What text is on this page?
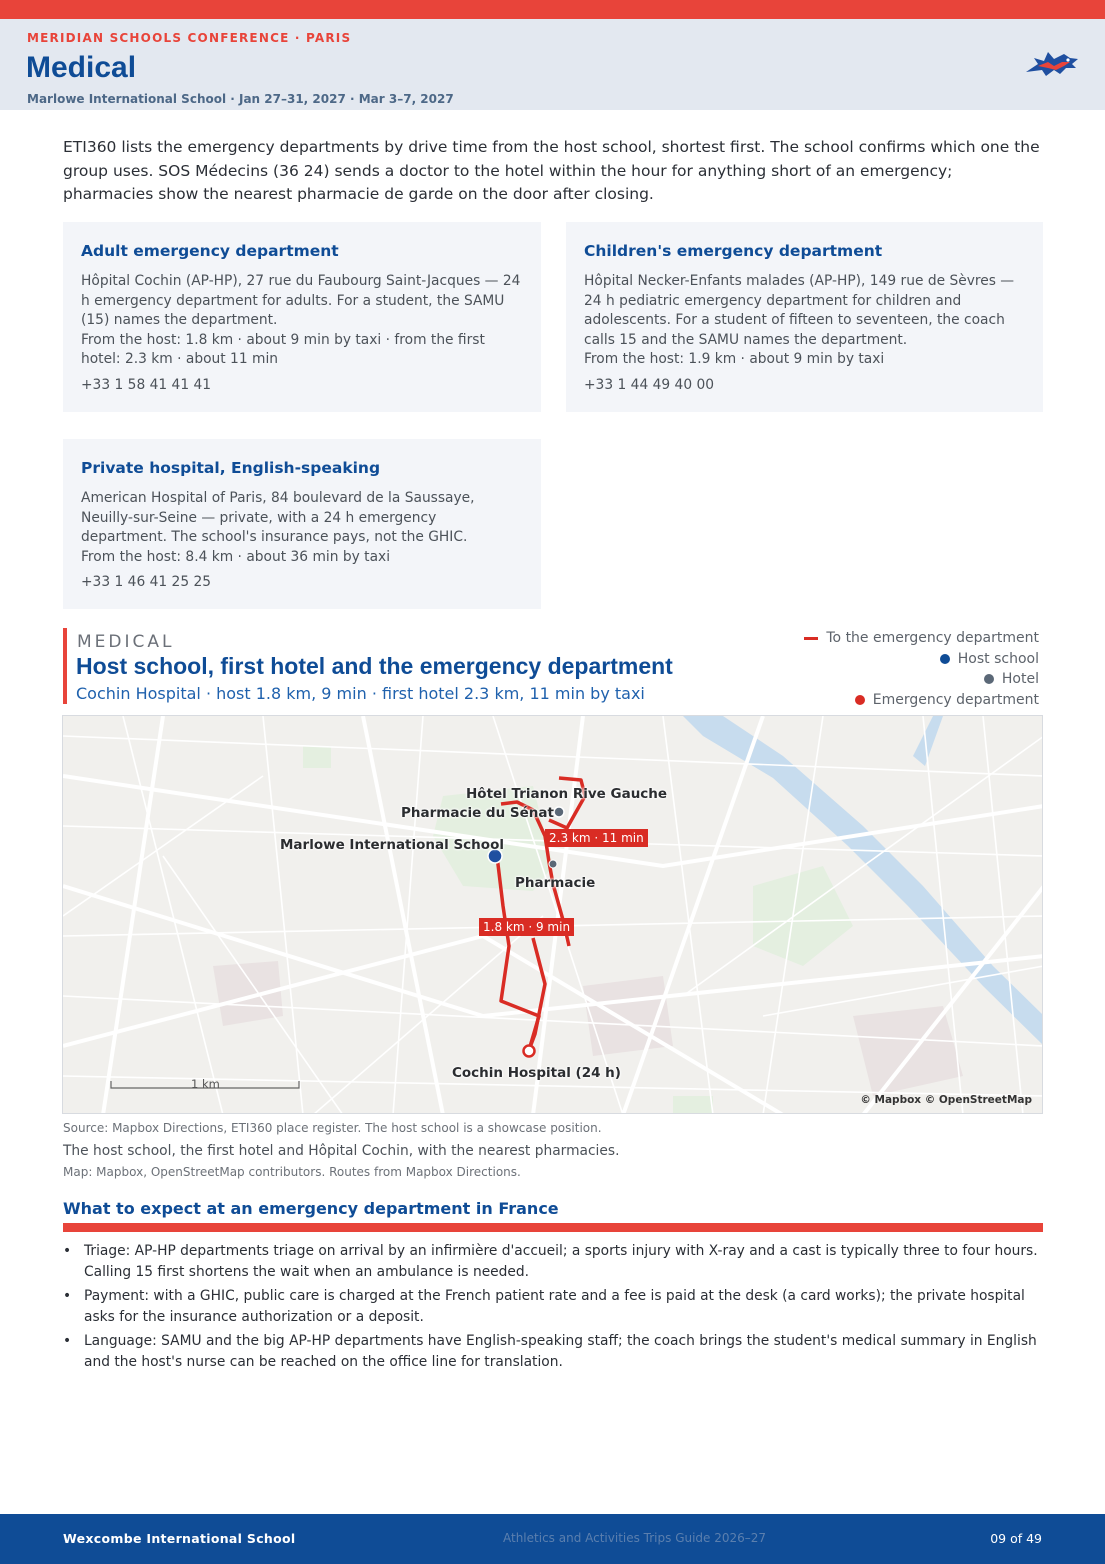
MERIDIAN SCHOOLS CONFERENCE · PARIS
Medical
Marlowe International School · Jan 27–31, 2027 · Mar 3–7, 2027

ETI360 lists the emergency departments by drive time from the host school, shortest first. The school confirms which one the group uses. SOS Médecins (36 24) sends a doctor to the hotel within the hour for anything short of an emergency; pharmacies show the nearest pharmacie de garde on the door after closing.

Adult emergency department

Hôpital Cochin (AP-HP), 27 rue du Faubourg Saint-Jacques — 24 h emergency department for adults. For a student, the SAMU (15) names the department.

From the host: 1.8 km · about 9 min by taxi · from the first hotel: 2.3 km · about 11 min

+33 1 58 41 41 41

Children's emergency department

Hôpital Necker-Enfants malades (AP-HP), 149 rue de Sèvres — 24 h pediatric emergency department for children and adolescents. For a student of fifteen to seventeen, the coach calls 15 and the SAMU names the department.

From the host: 1.9 km · about 9 min by taxi

+33 1 44 49 40 00

Private hospital, English-speaking

American Hospital of Paris, 84 boulevard de la Saussaye, Neuilly-sur-Seine — private, with a 24 h emergency department. The school's insurance pays, not the GHIC.

From the host: 8.4 km · about 36 min by taxi

+33 1 46 41 25 25

MEDICAL
Host school, first hotel and the emergency department
Cochin Hospital · host 1.8 km, 9 min · first hotel 2.3 km, 11 min by taxi
To the emergency department
Host school
Hotel
Emergency department
Hôtel Trianon Rive Gauche
Pharmacie du Sénat
Marlowe International School
Pharmacie
Cochin Hospital (24 h)
2.3 km · 11 min
1.8 km · 9 min
1 km
© Mapbox © OpenStreetMap
Source: Mapbox Directions, ETI360 place register. The host school is a showcase position.
The host school, the first hotel and Hôpital Cochin, with the nearest pharmacies.
Map: Mapbox, OpenStreetMap contributors. Routes from Mapbox Directions.
What to expect at an emergency department in France
• Triage: AP-HP departments triage on arrival by an infirmière d'accueil; a sports injury with X-ray and a cast is typically three to four hours. Calling 15 first shortens the wait when an ambulance is needed.
• Payment: with a GHIC, public care is charged at the French patient rate and a fee is paid at the desk (a card works); the private hospital asks for the insurance authorization or a deposit.
• Language: SAMU and the big AP-HP departments have English-speaking staff; the coach brings the student's medical summary in English and the host's nurse can be reached on the office line for translation.
Wexcombe International School	Athletics and Activities Trips Guide 2026–27	09 of 49
